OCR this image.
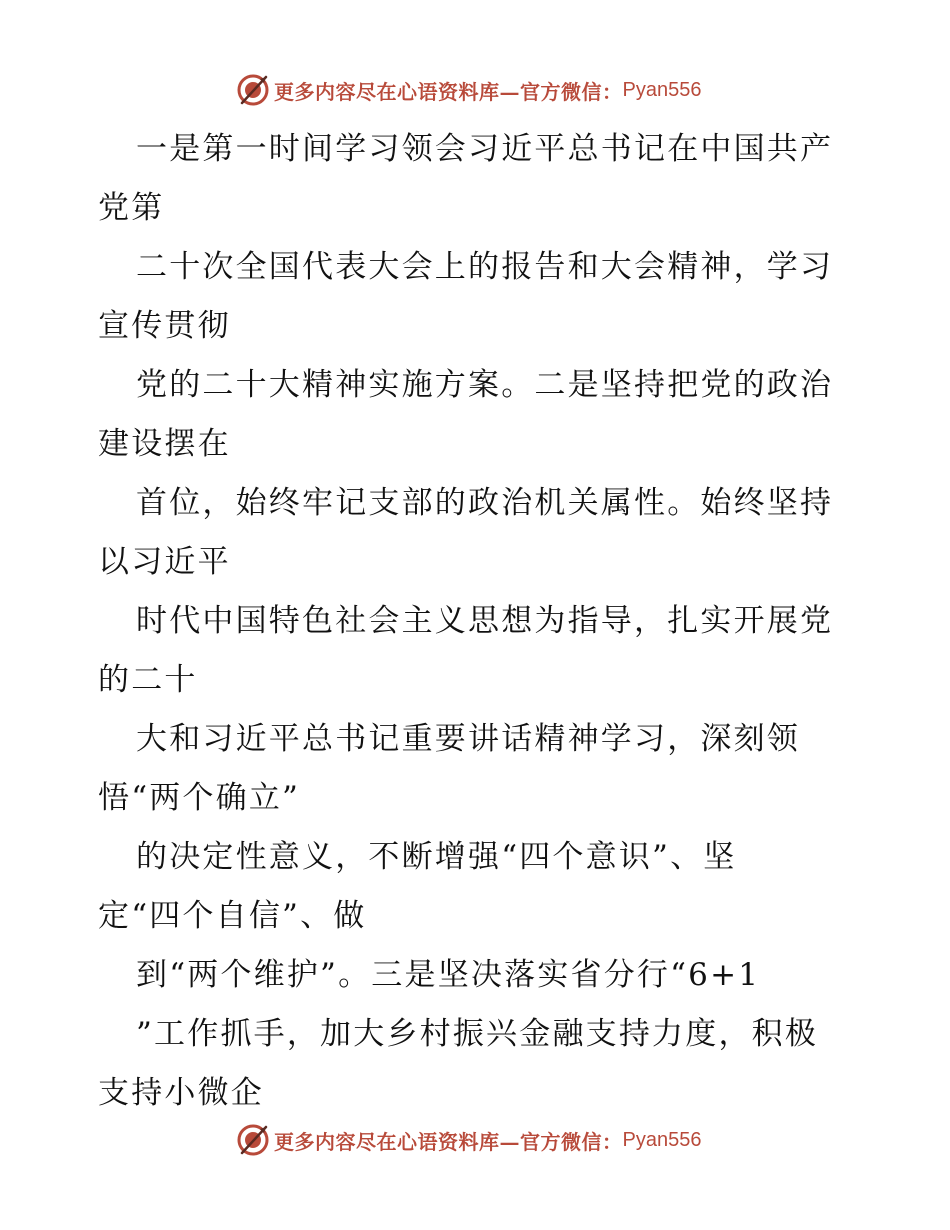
更多内容尽在心语资料库—官方微信： Pyan556
一是第一时间学习领会习近平总书记在中国共产
党第
二十次全国代表大会上的报告和大会精神，学习
宣传贯彻
党的二十大精神实施方案。二是坚持把党的政治
建设摆在
首位，始终牢记支部的政治机关属性。始终坚持
以习近平
时代中国特色社会主义思想为指导，扎实开展党
的二十
大和习近平总书记重要讲话精神学习，深刻领
悟“两个确立”
的决定性意义，不断增强“四个意识”、坚
定“四个自信”、做
到“两个维护”。三是坚决落实省分行“6+1
”工作抓手，加大乡村振兴金融支持力度，积极
支持小微企
更多内容尽在心语资料库—官方微信： Pyan556
